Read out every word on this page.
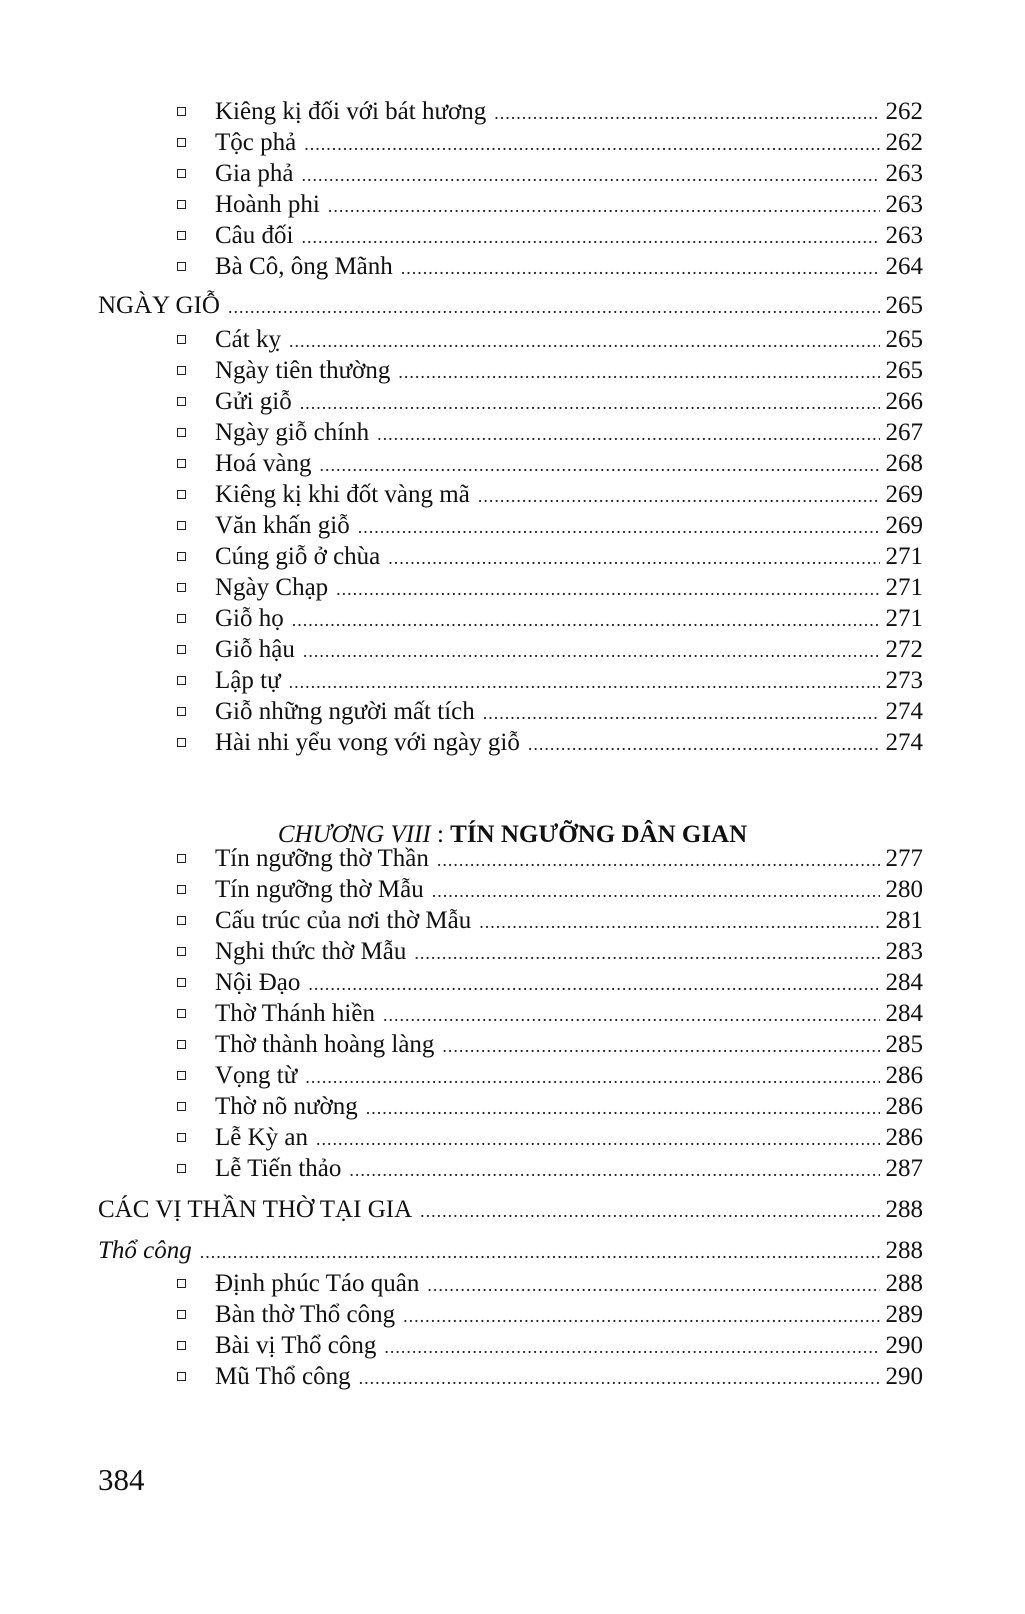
NGÀY GIỖ .....	265
CHƯƠNG VIII : TÍN NGƯỠNG DÂN GIAN
CÁC VỊ THẦN THỜ TẠI GIA .....	288
Thổ công .....	288
384
Kiêng kị đối với bát hương .....	262
Tộc phả .....	262
Gia phả .....	263
Hoành phi .....	263
Câu đối .....	263
Bà Cô, ông Mãnh .....	264
Cát kỵ .....	265
Ngày tiên thường .....	265
Gửi giỗ .....	266
Ngày giỗ chính .....	267
Hoá vàng .....	268
Kiêng kị khi đốt vàng mã .....	269
Văn khấn giỗ .....	269
Cúng giỗ ở chùa .....	271
Ngày Chạp .....	271
Giỗ họ .....	271
Giỗ hậu .....	272
Lập tự .....	273
Giỗ những người mất tích .....	274
Hài nhi yểu vong với ngày giỗ .....	274
Tín ngưỡng thờ Thần .....	277
Tín ngưỡng thờ Mẫu .....	280
Cấu trúc của nơi thờ Mẫu .....	281
Nghi thức thờ Mẫu .....	283
Nội Đạo .....	284
Thờ Thánh hiền .....	284
Thờ thành hoàng làng .....	285
Vọng từ .....	286
Thờ nõ nường .....	286
Lễ Kỳ an .....	286
Lễ Tiến thảo .....	287
Định phúc Táo quân .....	288
Bàn thờ Thổ công .....	289
Bài vị Thổ công .....	290
Mũ Thổ công .....	290
